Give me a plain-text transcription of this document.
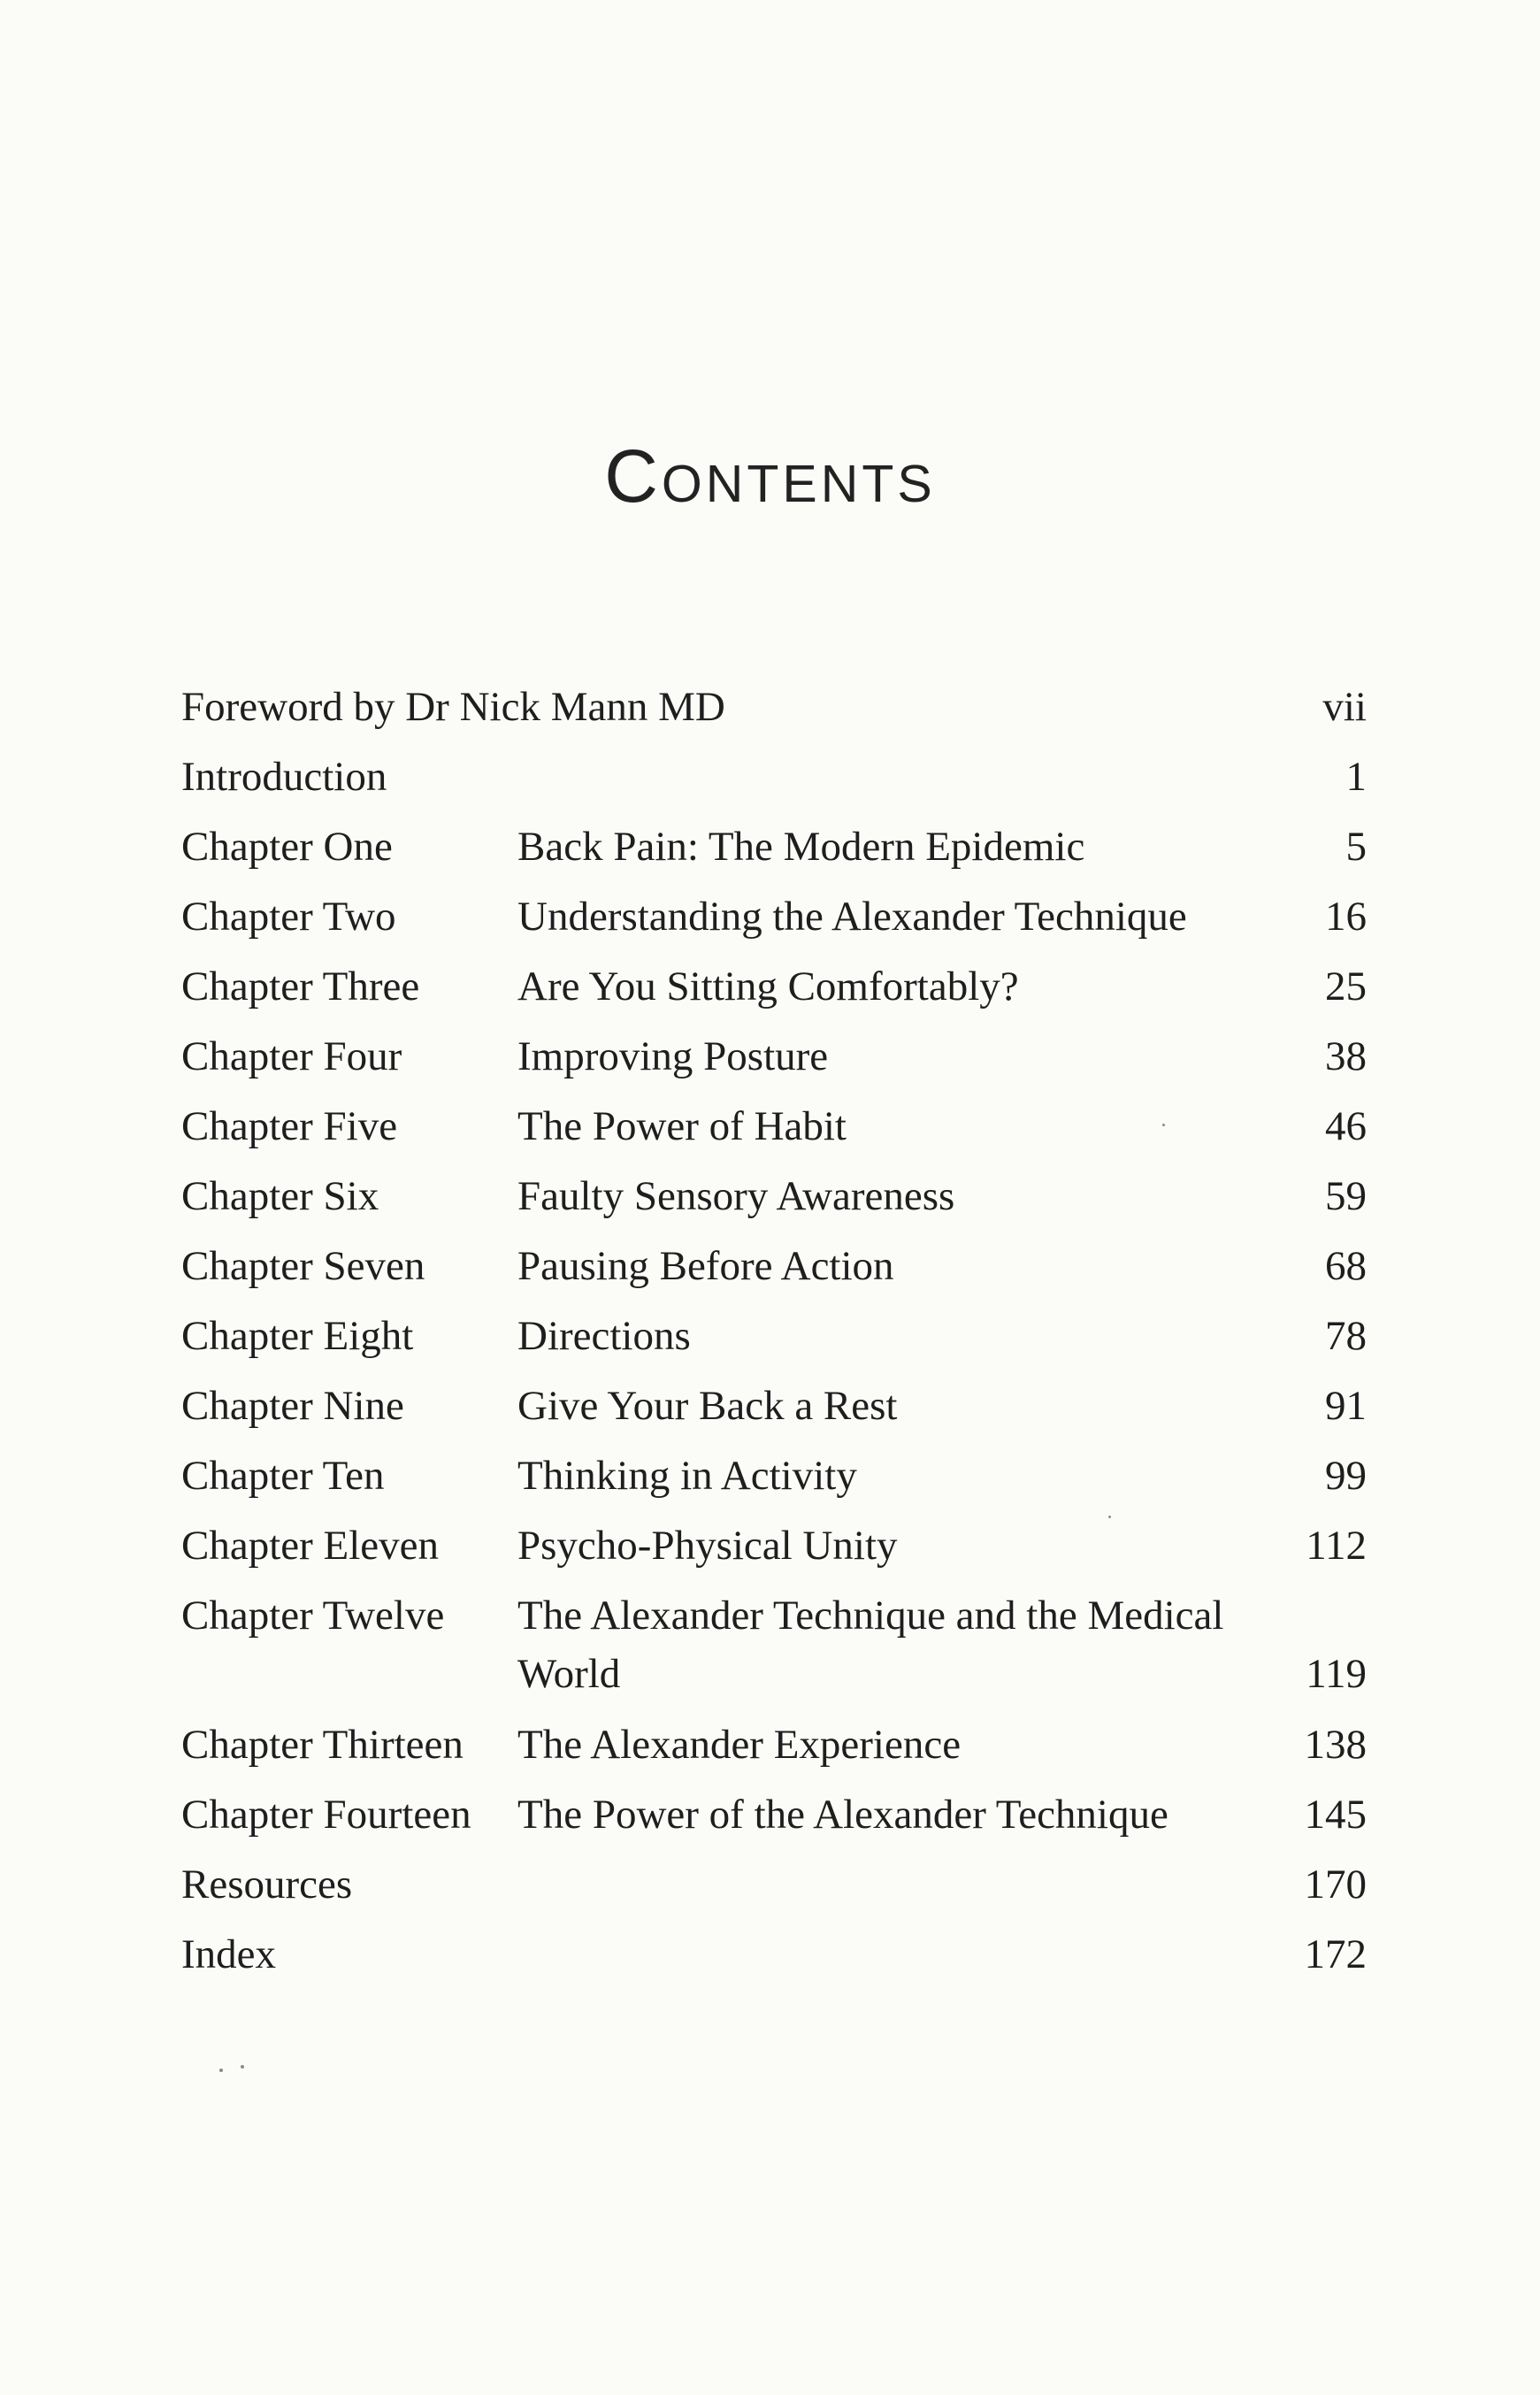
Contents
Foreword by Dr Nick Mann MD	vii
Introduction	1
Chapter One	Back Pain: The Modern Epidemic	5
Chapter Two	Understanding the Alexander Technique	16
Chapter Three Are You Sitting Comfortably?	25
Chapter Four	Improving Posture	38
Chapter Five	The Power of Habit	46
Chapter Six	Faulty Sensory Awareness	59
Chapter Seven Pausing Before Action	68
Chapter Eight	Directions	78
Chapter Nine	Give Your Back a Rest	91
Chapter Ten	Thinking in Activity	99
Chapter Eleven Psycho-Physical Unity	112
Chapter Twelve The Alexander Technique and the Medical World	119
Chapter Thirteen The Alexander Experience	138
Chapter Fourteen The Power of the Alexander Technique	145
Resources	170
Index	172
